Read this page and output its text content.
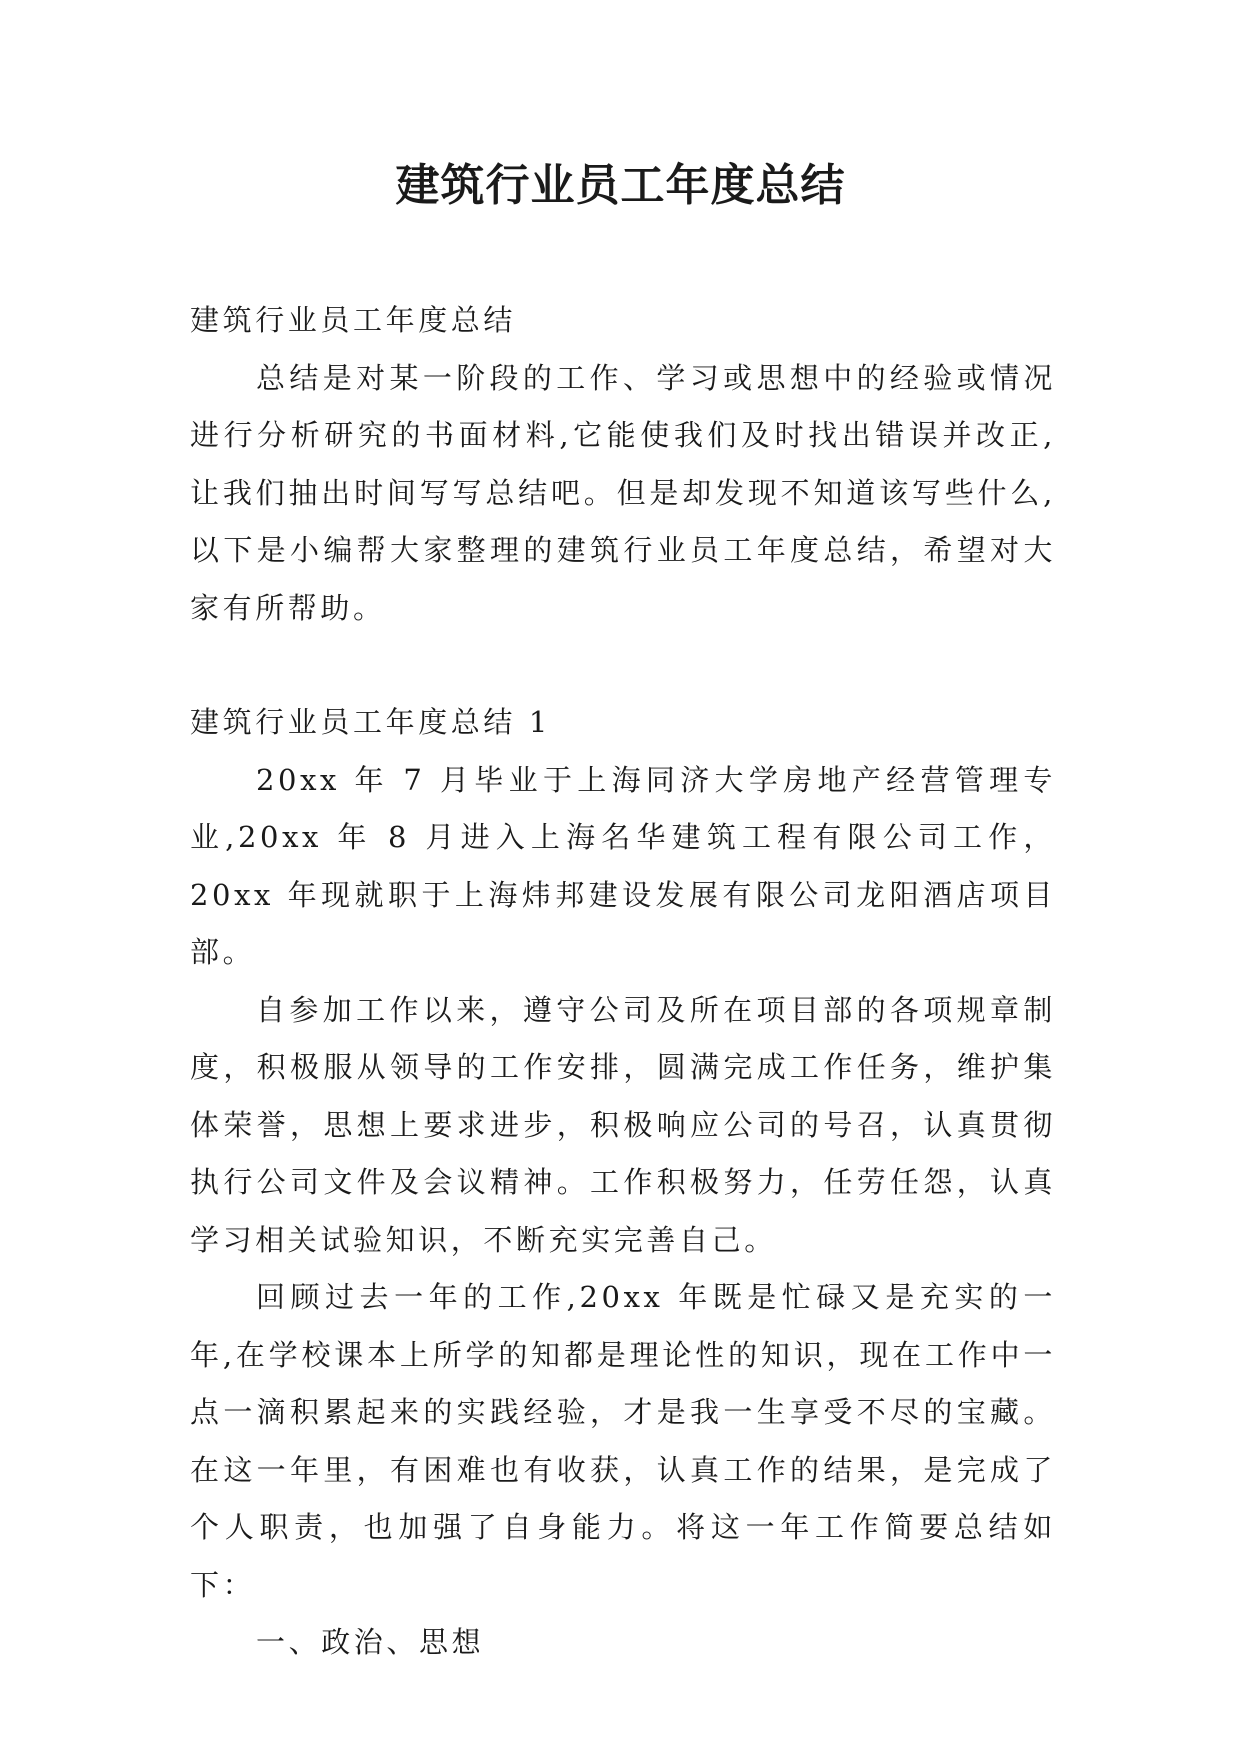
建筑行业员工年度总结

建筑行业员工年度总结

总结是对某一阶段的工作、学习或思想中的经验或情况进行分析研究的书面材料,它能使我们及时找出错误并改正,让我们抽出时间写写总结吧。但是却发现不知道该写些什么,以下是小编帮大家整理的建筑行业员工年度总结，希望对大家有所帮助。

建筑行业员工年度总结 1

20xx 年 7 月毕业于上海同济大学房地产经营管理专业,20xx 年 8 月进入上海名华建筑工程有限公司工作，20xx 年现就职于上海炜邦建设发展有限公司龙阳酒店项目部。

自参加工作以来，遵守公司及所在项目部的各项规章制度，积极服从领导的工作安排，圆满完成工作任务，维护集体荣誉，思想上要求进步，积极响应公司的号召，认真贯彻执行公司文件及会议精神。工作积极努力，任劳任怨，认真学习相关试验知识，不断充实完善自己。

回顾过去一年的工作,20xx 年既是忙碌又是充实的一年,在学校课本上所学的知都是理论性的知识，现在工作中一点一滴积累起来的实践经验，才是我一生享受不尽的宝藏。在这一年里，有困难也有收获，认真工作的结果，是完成了个人职责，也加强了自身能力。将这一年工作简要总结如下：

一、政治、思想
